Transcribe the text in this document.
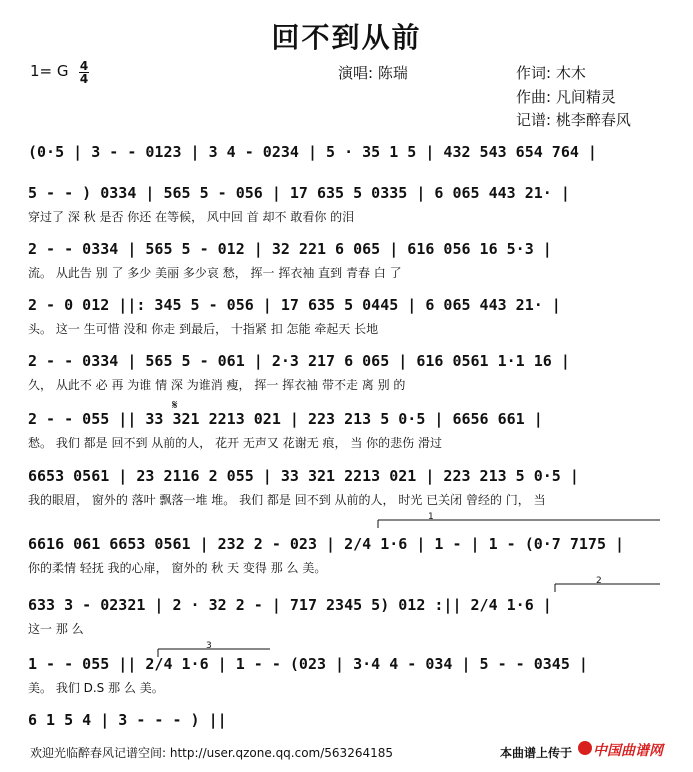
回不到从前
1= G 4
4	演唱: 陈瑞	作词: 木木
作曲: 凡间精灵
记谱: 桃李醉春风
(0·5 | 3 - - 0123 | 3 4 - 0234 | 5 · 35 1 5 | 432 543 654 764 |
5 - - ) 0334 | 565 5 - 056 | 17 635 5 0335 | 6 065 443 21· |
穿过了 深 秋 是否 你还 在等候， 风中回 首 却不 敢看你 的泪
2 - - 0334 | 565 5 - 012 | 32 221 6 065 | 616 056 16 5·3 |
流。 从此告 别 了 多少 美丽 多少哀 愁， 挥一 挥衣袖 直到 青春 白 了
2 - 0 012 ||: 345 5 - 056 | 17 635 5 0445 | 6 065 443 21· |
头。 这一 生可惜 没和 你走 到最后， 十指紧 扣 怎能 牵起天 长地
2 - - 0334 | 565 5 - 061 | 2·3 217 6 065 | 616 0561 1·1 16 |
久， 从此不 必 再 为谁 情 深 为谁消 瘦， 挥一 挥衣袖 带不走 离 别 的
2 - - 055 || 33 321 2213 021 | 223 213 5 0·5 | 6656 661 |
愁。 我们 都是 回不到 从前的人， 花开 无声又 花谢无 痕， 当 你的悲伤 滑过
6653 0561 | 23 2116 2 055 | 33 321 2213 021 | 223 213 5 0·5 |
我的眼眉， 窗外的 落叶 飘落一堆 堆。 我们 都是 回不到 从前的人， 时光 已关闭 曾经的 门， 当
6616 061 6653 0561 | 232 2 - 023 | 2/4 1·6 | 1 - | 1 - (0·7 7175 |
你的柔情 轻抚 我的心扉， 窗外的 秋 天 变得 那 么 美。
633 3 - 02321 | 2 · 32 2 - | 717 2345 5) 012 :|| 2/4 1·6 |
这一 那 么
1 - - 055 || 2/4 1·6 | 1 - - (023 | 3·4 4 - 034 | 5 - - 0345 |
美。 我们 D.S 那 么 美。
6 1 5 4 | 3 - - - ) ||
1
2
3
𝄋
欢迎光临醉春风记谱空间: http://user.qzone.qq.com/563264185	本曲谱上传于 中国曲谱网
